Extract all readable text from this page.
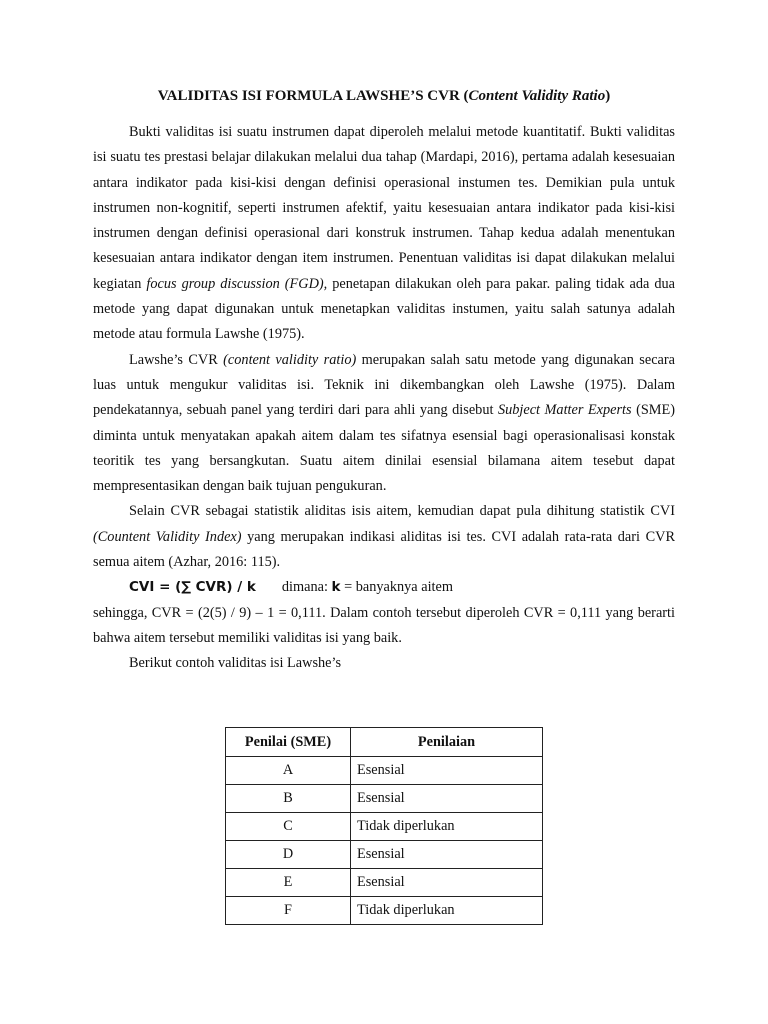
VALIDITAS ISI FORMULA LAWSHE’S CVR (Content Validity Ratio)

Bukti validitas isi suatu instrumen dapat diperoleh melalui metode kuantitatif. Bukti validitas isi suatu tes prestasi belajar dilakukan melalui dua tahap (Mardapi, 2016), pertama adalah kesesuaian antara indikator pada kisi-kisi dengan definisi operasional instumen tes. Demikian pula untuk instrumen non-kognitif, seperti instrumen afektif, yaitu kesesuaian antara indikator pada kisi-kisi instrumen dengan definisi operasional dari konstruk instrumen. Tahap kedua adalah menentukan kesesuaian antara indikator dengan item instrumen. Penentuan validitas isi dapat dilakukan melalui kegiatan focus group discussion (FGD), penetapan dilakukan oleh para pakar. paling tidak ada dua metode yang dapat digunakan untuk menetapkan validitas instumen, yaitu salah satunya adalah metode atau formula Lawshe (1975).

Lawshe’s CVR (content validity ratio) merupakan salah satu metode yang digunakan secara luas untuk mengukur validitas isi. Teknik ini dikembangkan oleh Lawshe (1975). Dalam pendekatannya, sebuah panel yang terdiri dari para ahli yang disebut Subject Matter Experts (SME) diminta untuk menyatakan apakah aitem dalam tes sifatnya esensial bagi operasionalisasi konstak teoritik tes yang bersangkutan. Suatu aitem dinilai esensial bilamana aitem tesebut dapat mempresentasikan dengan baik tujuan pengukuran.

Selain CVR sebagai statistik aliditas isis aitem, kemudian dapat pula dihitung statistik CVI (Countent Validity Index) yang merupakan indikasi aliditas isi tes. CVI adalah rata-rata dari CVR semua aitem (Azhar, 2016: 115).

CVI = (∑ CVR) / k dimana: k = banyaknya aitem

sehingga, CVR = (2(5) / 9) – 1 = 0,111. Dalam contoh tersebut diperoleh CVR = 0,111 yang berarti bahwa aitem tersebut memiliki validitas isi yang baik.

Berikut contoh validitas isi Lawshe’s

Penilai (SME)	Penilaian
A	Esensial
B	Esensial
C	Tidak diperlukan
D	Esensial
E	Esensial
F	Tidak diperlukan
